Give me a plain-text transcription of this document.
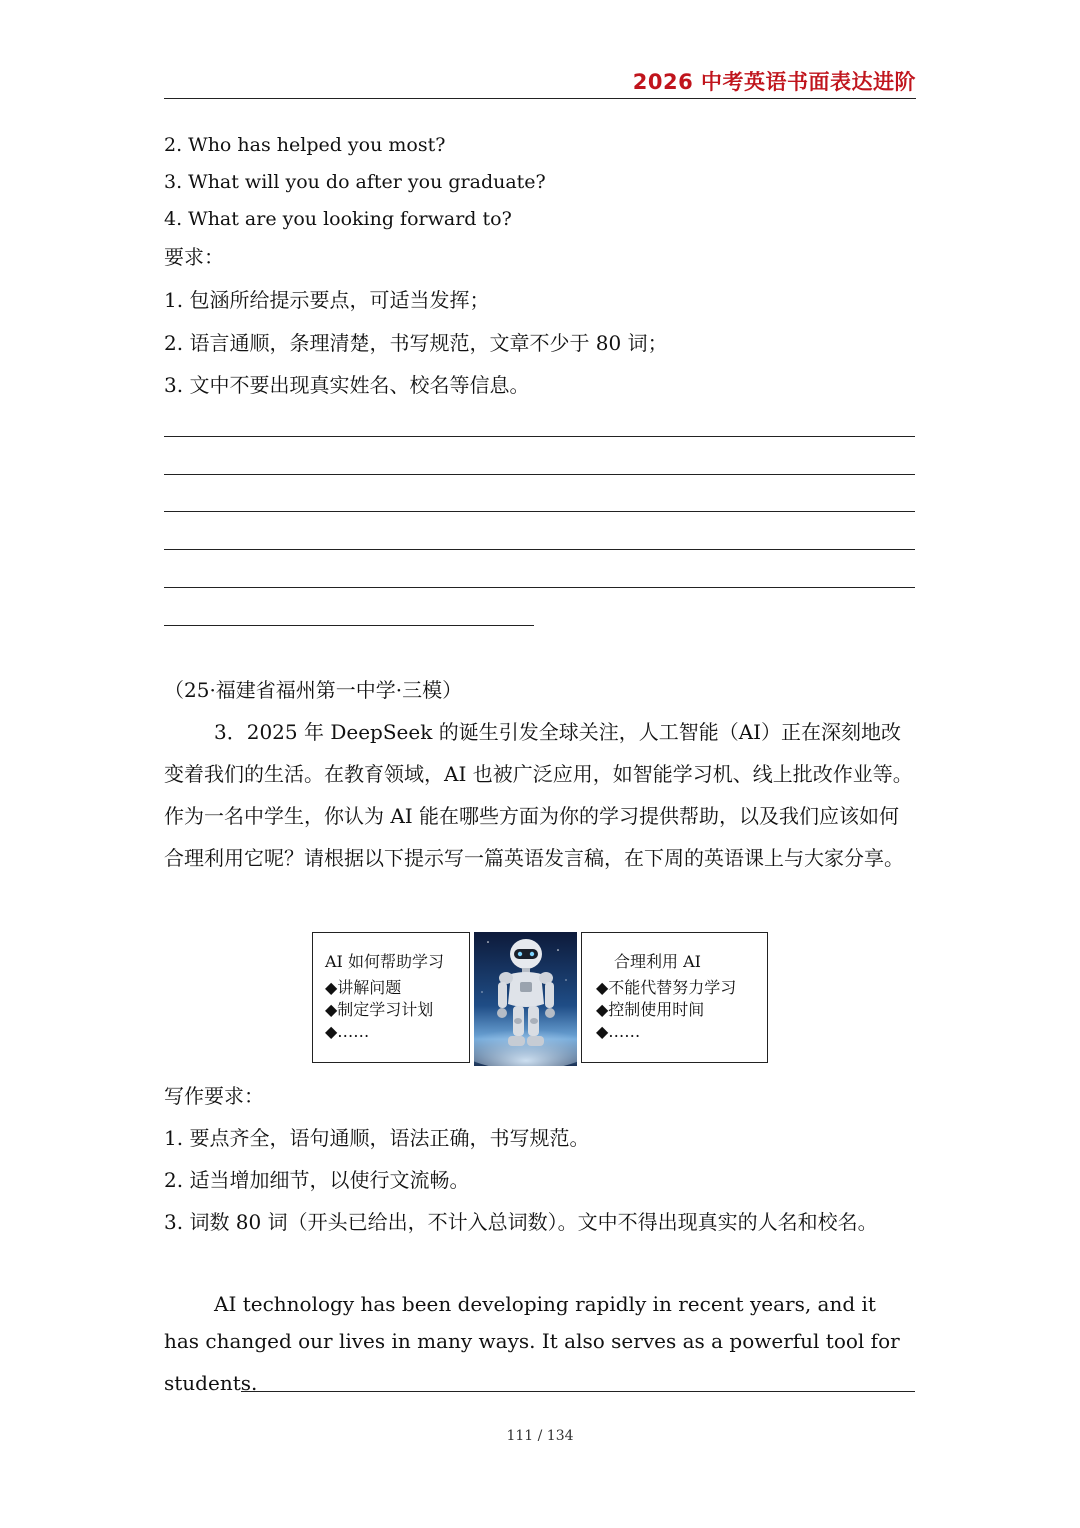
2026 中考英语书面表达进阶
2. Who has helped you most?
3. What will you do after you graduate?
4. What are you looking forward to?
要求：
1. 包涵所给提示要点，可适当发挥；
2. 语言通顺，条理清楚，书写规范，文章不少于 80 词；
3. 文中不要出现真实姓名、校名等信息。
（25·福建省福州第一中学·三模）
3．2025 年 DeepSeek 的诞生引发全球关注，人工智能（AI）正在深刻地改变着我们的生活。在教育领域，AI 也被广泛应用，如智能学习机、线上批改作业等。作为一名中学生，你认为 AI 能在哪些方面为你的学习提供帮助，以及我们应该如何合理利用它呢？请根据以下提示写一篇英语发言稿，在下周的英语课上与大家分享。
AI 如何帮助学习
◆讲解问题
◆制定学习计划
◆……
合理利用 AI
◆不能代替努力学习
◆控制使用时间
◆……
写作要求：
1. 要点齐全，语句通顺，语法正确，书写规范。
2. 适当增加细节，以使行文流畅。
3. 词数 80 词（开头已给出，不计入总词数）。文中不得出现真实的人名和校名。
AI technology has been developing rapidly in recent years, and it has changed our lives in many ways. It also serves as a powerful tool for
students.
111 / 134
